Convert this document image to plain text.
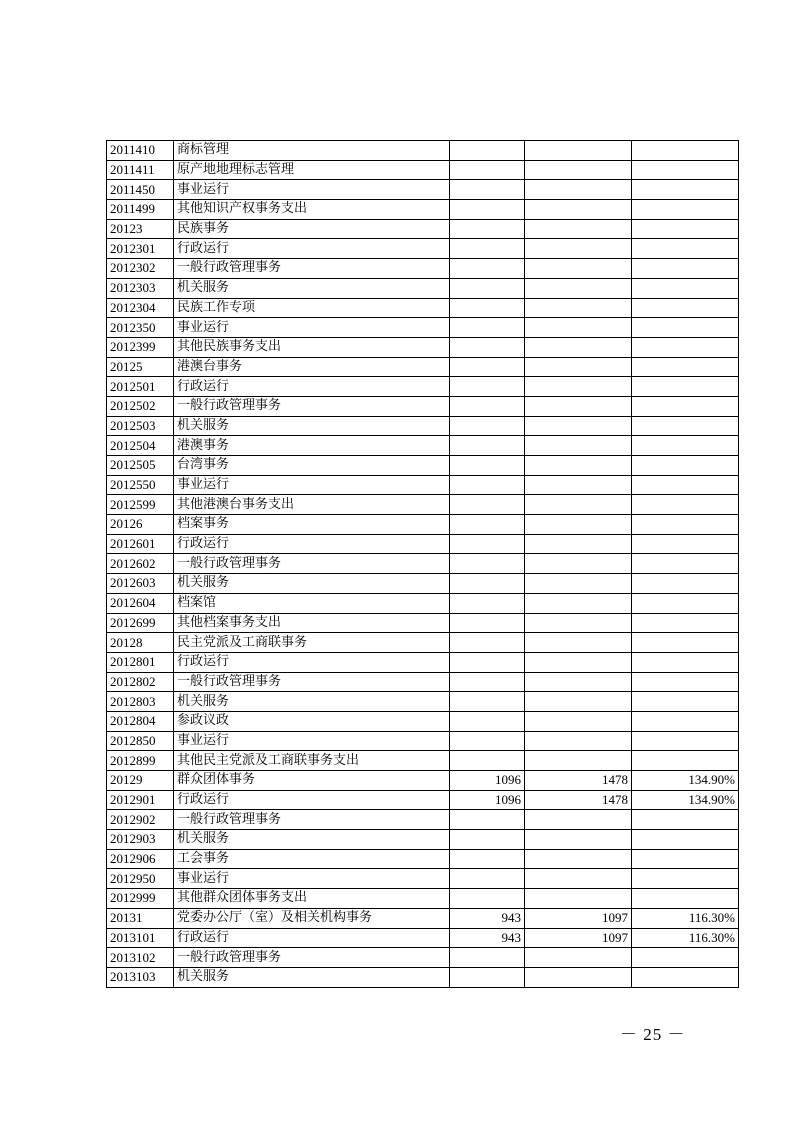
2011410	商标管理			
2011411	原产地地理标志管理			
2011450	事业运行			
2011499	其他知识产权事务支出			
20123	民族事务			
2012301	行政运行			
2012302	一般行政管理事务			
2012303	机关服务			
2012304	民族工作专项			
2012350	事业运行			
2012399	其他民族事务支出			
20125	港澳台事务			
2012501	行政运行			
2012502	一般行政管理事务			
2012503	机关服务			
2012504	港澳事务			
2012505	台湾事务			
2012550	事业运行			
2012599	其他港澳台事务支出			
20126	档案事务			
2012601	行政运行			
2012602	一般行政管理事务			
2012603	机关服务			
2012604	档案馆			
2012699	其他档案事务支出			
20128	民主党派及工商联事务			
2012801	行政运行			
2012802	一般行政管理事务			
2012803	机关服务			
2012804	参政议政			
2012850	事业运行			
2012899	其他民主党派及工商联事务支出			
20129	群众团体事务	1096	1478	134.90%
2012901	行政运行	1096	1478	134.90%
2012902	一般行政管理事务			
2012903	机关服务			
2012906	工会事务			
2012950	事业运行			
2012999	其他群众团体事务支出			
20131	党委办公厅（室）及相关机构事务	943	1097	116.30%
2013101	行政运行	943	1097	116.30%
2013102	一般行政管理事务			
2013103	机关服务			
－ 25 －
